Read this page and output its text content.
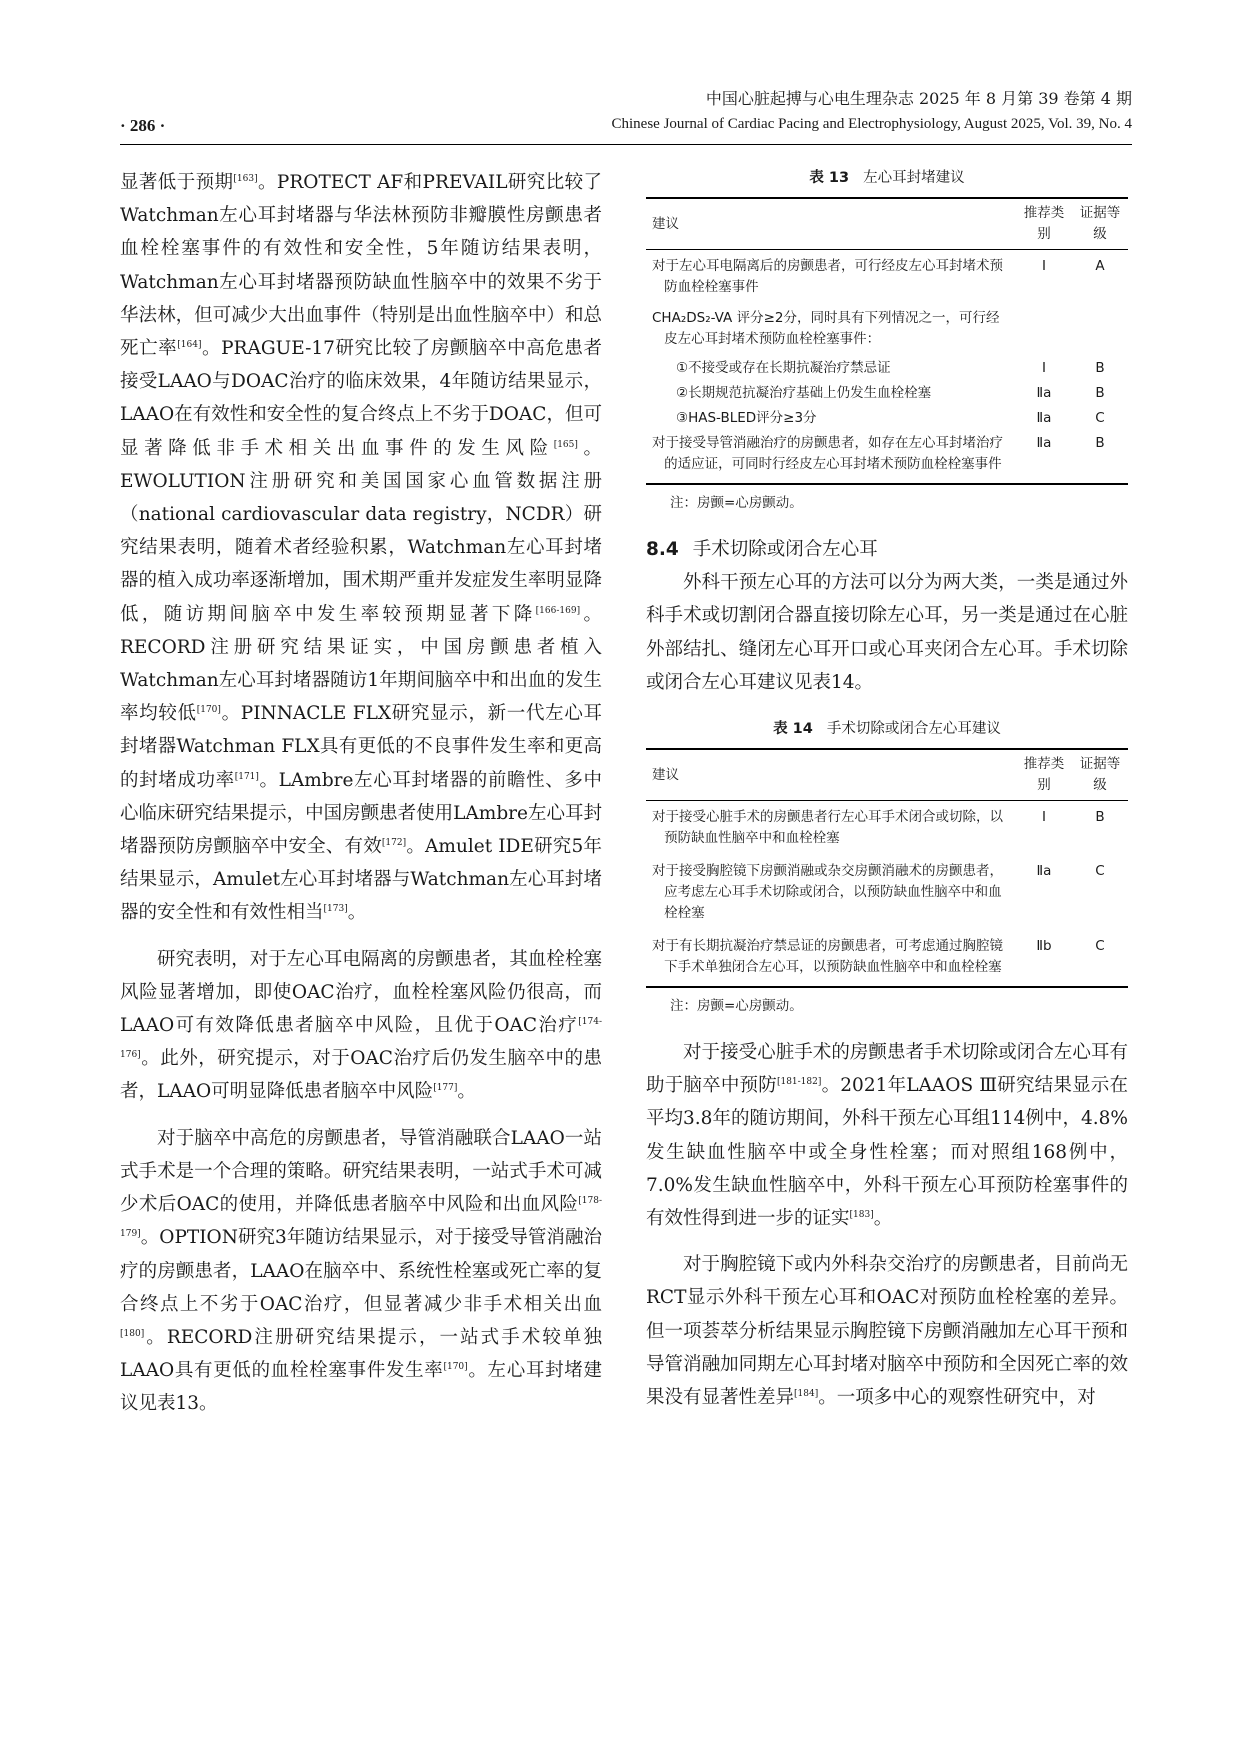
中国心脏起搏与心电生理杂志 2025 年 8 月第 39 卷第 4 期
· 286 ·	Chinese Journal of Cardiac Pacing and Electrophysiology, August 2025, Vol. 39, No. 4

显著低于预期[163]。PROTECT AF和PREVAIL研究比较了Watchman左心耳封堵器与华法林预防非瓣膜性房颤患者血栓栓塞事件的有效性和安全性，5年随访结果表明，Watchman左心耳封堵器预防缺血性脑卒中的效果不劣于华法林，但可减少大出血事件（特别是出血性脑卒中）和总死亡率[164]。PRAGUE-17研究比较了房颤脑卒中高危患者接受LAAO与DOAC治疗的临床效果，4年随访结果显示，LAAO在有效性和安全性的复合终点上不劣于DOAC，但可显著降低非手术相关出血事件的发生风险[165]。EWOLUTION注册研究和美国国家心血管数据注册（national cardiovascular data registry，NCDR）研究结果表明，随着术者经验积累，Watchman左心耳封堵器的植入成功率逐渐增加，围术期严重并发症发生率明显降低，随访期间脑卒中发生率较预期显著下降[166-169]。RECORD注册研究结果证实，中国房颤患者植入Watchman左心耳封堵器随访1年期间脑卒中和出血的发生率均较低[170]。PINNACLE FLX研究显示，新一代左心耳封堵器Watchman FLX具有更低的不良事件发生率和更高的封堵成功率[171]。LAmbre左心耳封堵器的前瞻性、多中心临床研究结果提示，中国房颤患者使用LAmbre左心耳封堵器预防房颤脑卒中安全、有效[172]。Amulet IDE研究5年结果显示，Amulet左心耳封堵器与Watchman左心耳封堵器的安全性和有效性相当[173]。

研究表明，对于左心耳电隔离的房颤患者，其血栓栓塞风险显著增加，即使OAC治疗，血栓栓塞风险仍很高，而LAAO可有效降低患者脑卒中风险，且优于OAC治疗[174-176]。此外，研究提示，对于OAC治疗后仍发生脑卒中的患者，LAAO可明显降低患者脑卒中风险[177]。

对于脑卒中高危的房颤患者，导管消融联合LAAO一站式手术是一个合理的策略。研究结果表明，一站式手术可减少术后OAC的使用，并降低患者脑卒中风险和出血风险[178-179]。OPTION研究3年随访结果显示，对于接受导管消融治疗的房颤患者，LAAO在脑卒中、系统性栓塞或死亡率的复合终点上不劣于OAC治疗，但显著减少非手术相关出血[180]。RECORD注册研究结果提示，一站式手术较单独LAAO具有更低的血栓栓塞事件发生率[170]。左心耳封堵建议见表13。

表 13 左心耳封堵建议
建议	推荐类别	证据等级
对于左心耳电隔离后的房颤患者，可行经皮左心耳封堵术预防血栓栓塞事件	Ⅰ	A
CHA₂DS₂-VA 评分≥2分，同时具有下列情况之一，可行经皮左心耳封堵术预防血栓栓塞事件：		
①不接受或存在长期抗凝治疗禁忌证	Ⅰ	B
②长期规范抗凝治疗基础上仍发生血栓栓塞	Ⅱa	B
③HAS-BLED评分≥3分	Ⅱa	C
对于接受导管消融治疗的房颤患者，如存在左心耳封堵治疗的适应证，可同时行经皮左心耳封堵术预防血栓栓塞事件	Ⅱa	B
注：房颤=心房颤动。

8.4 手术切除或闭合左心耳

外科干预左心耳的方法可以分为两大类，一类是通过外科手术或切割闭合器直接切除左心耳，另一类是通过在心脏外部结扎、缝闭左心耳开口或心耳夹闭合左心耳。手术切除或闭合左心耳建议见表14。

表 14 手术切除或闭合左心耳建议
建议	推荐类别	证据等级
对于接受心脏手术的房颤患者行左心耳手术闭合或切除，以预防缺血性脑卒中和血栓栓塞	Ⅰ	B
对于接受胸腔镜下房颤消融或杂交房颤消融术的房颤患者，应考虑左心耳手术切除或闭合，以预防缺血性脑卒中和血栓栓塞	Ⅱa	C
对于有长期抗凝治疗禁忌证的房颤患者，可考虑通过胸腔镜下手术单独闭合左心耳，以预防缺血性脑卒中和血栓栓塞	Ⅱb	C
注：房颤=心房颤动。

对于接受心脏手术的房颤患者手术切除或闭合左心耳有助于脑卒中预防[181-182]。2021年LAAOS Ⅲ研究结果显示在平均3.8年的随访期间，外科干预左心耳组114例中，4.8%发生缺血性脑卒中或全身性栓塞；而对照组168例中，7.0%发生缺血性脑卒中，外科干预左心耳预防栓塞事件的有效性得到进一步的证实[183]。

对于胸腔镜下或内外科杂交治疗的房颤患者，目前尚无RCT显示外科干预左心耳和OAC对预防血栓栓塞的差异。但一项荟萃分析结果显示胸腔镜下房颤消融加左心耳干预和导管消融加同期左心耳封堵对脑卒中预防和全因死亡率的效果没有显著性差异[184]。一项多中心的观察性研究中，对
